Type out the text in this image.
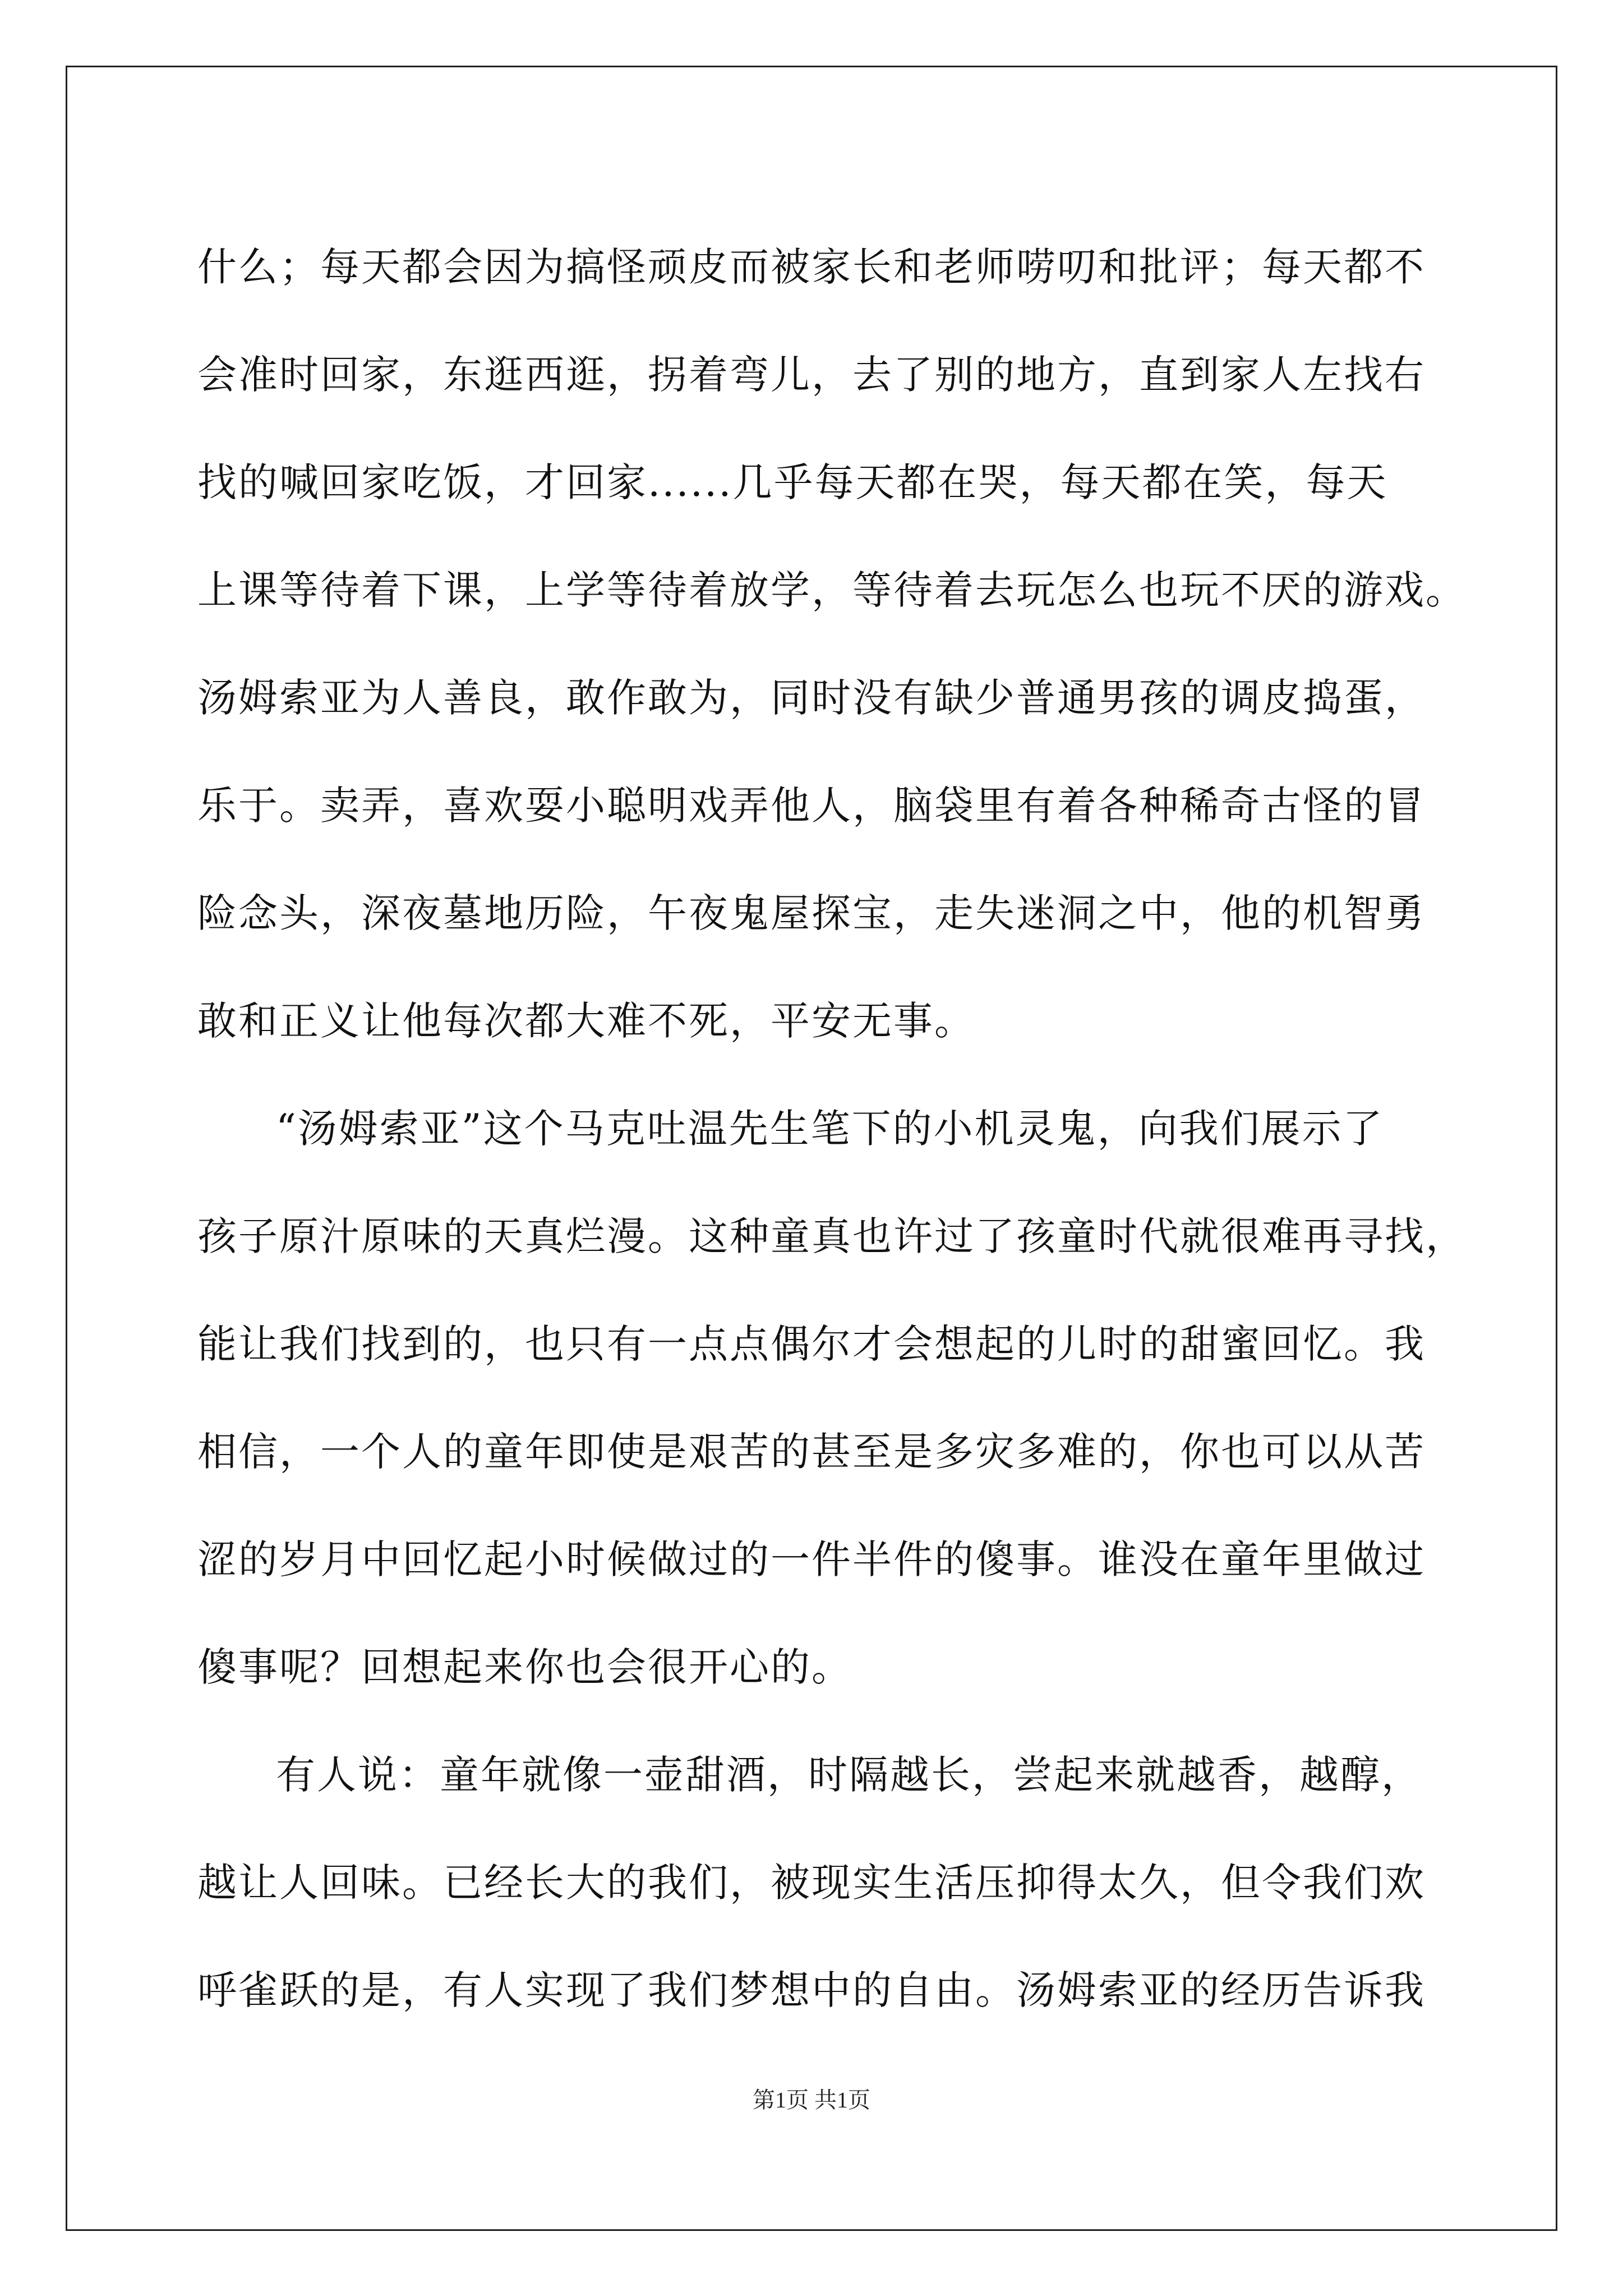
什么；每天都会因为搞怪顽皮而被家长和老师唠叨和批评；每天都不
会准时回家，东逛西逛，拐着弯儿，去了别的地方，直到家人左找右
找的喊回家吃饭，才回家......几乎每天都在哭，每天都在笑，每天
上课等待着下课，上学等待着放学，等待着去玩怎么也玩不厌的游戏。
汤姆索亚为人善良，敢作敢为，同时没有缺少普通男孩的调皮捣蛋，
乐于。卖弄，喜欢耍小聪明戏弄他人，脑袋里有着各种稀奇古怪的冒
险念头，深夜墓地历险，午夜鬼屋探宝，走失迷洞之中，他的机智勇
敢和正义让他每次都大难不死，平安无事。
“汤姆索亚”这个马克吐温先生笔下的小机灵鬼，向我们展示了
孩子原汁原味的天真烂漫。这种童真也许过了孩童时代就很难再寻找，
能让我们找到的，也只有一点点偶尔才会想起的儿时的甜蜜回忆。我
相信，一个人的童年即使是艰苦的甚至是多灾多难的，你也可以从苦
涩的岁月中回忆起小时候做过的一件半件的傻事。谁没在童年里做过
傻事呢？回想起来你也会很开心的。
有人说：童年就像一壶甜酒，时隔越长，尝起来就越香，越醇，
越让人回味。已经长大的我们，被现实生活压抑得太久，但令我们欢
呼雀跃的是，有人实现了我们梦想中的自由。汤姆索亚的经历告诉我
第1页 共1页
